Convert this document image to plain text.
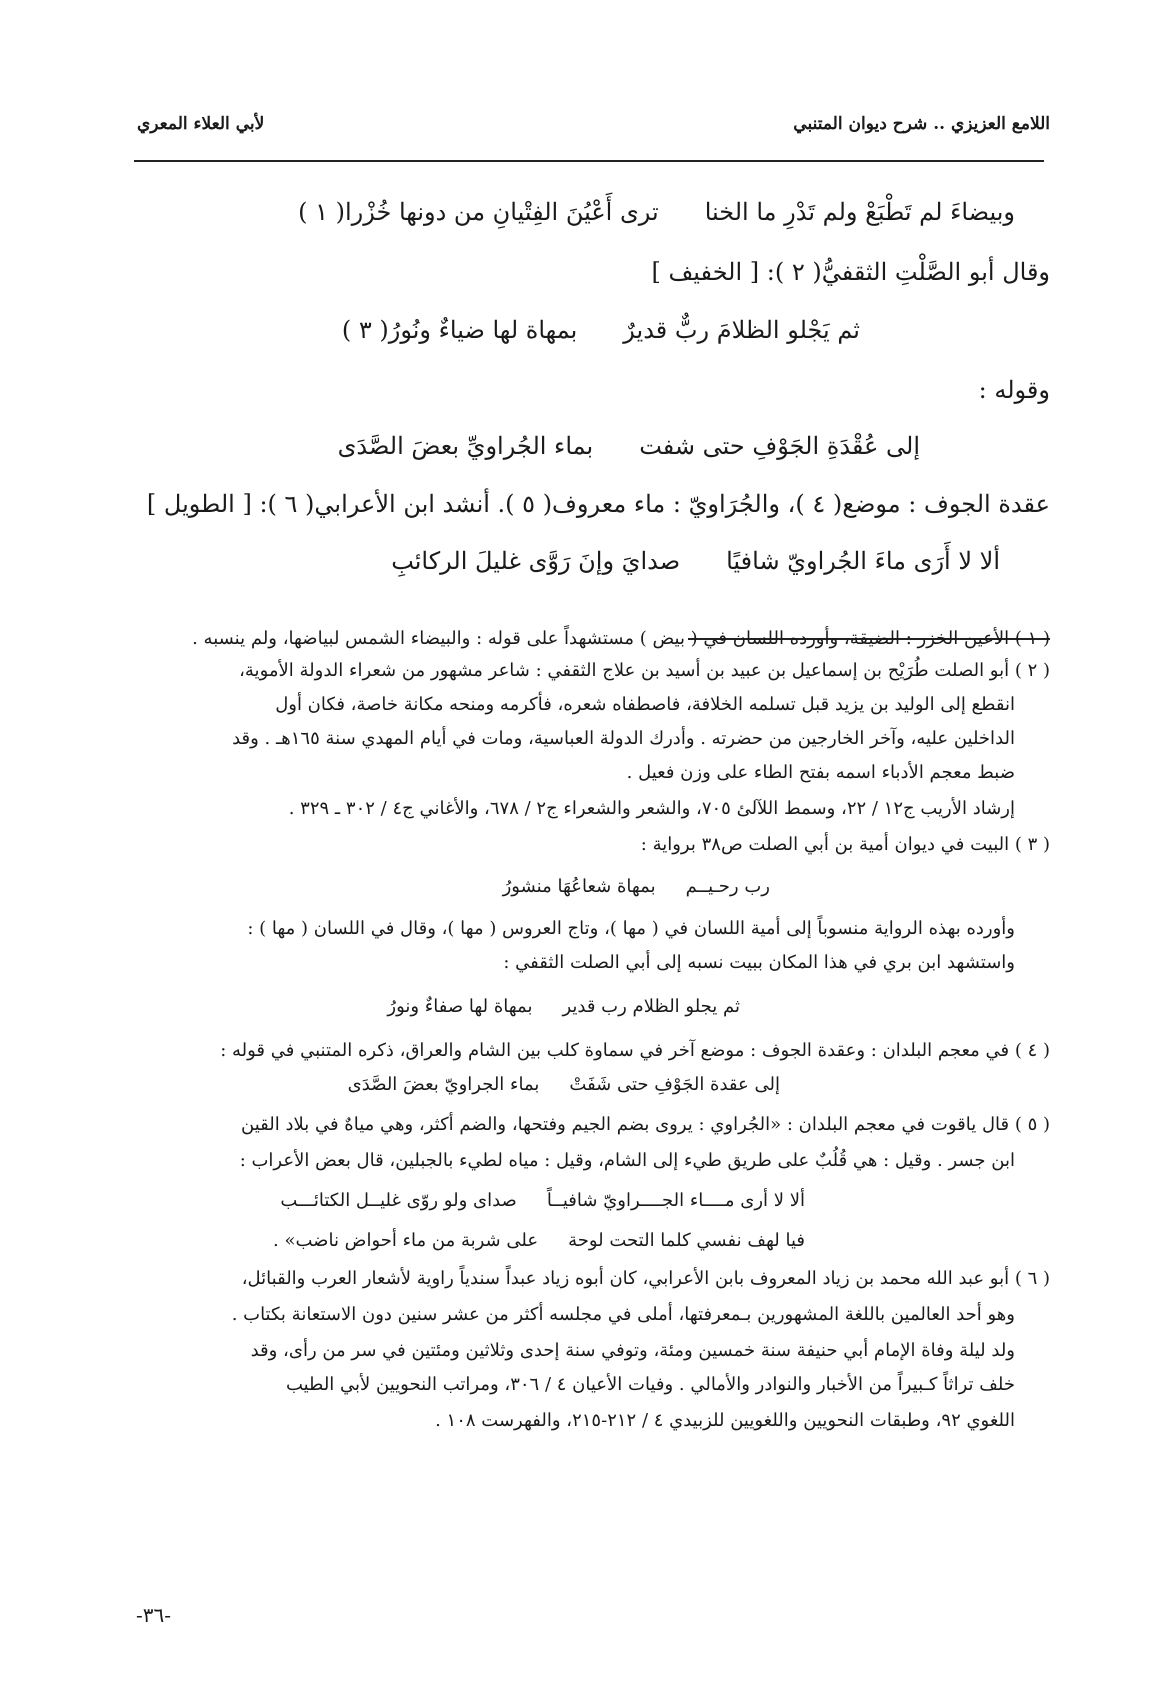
اللامع العزيزي .. شرح ديوان المتنبي
لأبي العلاء المعري
وبيضاءَ لم تَطْبَعْ ولم تَدْرِ ما الخنا
ترى أَعْيُنَ الفِتْيانِ من دونها خُزْرا( ١ )
وقال أبو الصَّلْتِ الثقفيُّ( ٢ ): [ الخفيف ]
ثم يَجْلو الظلامَ ربٌّ قديرٌ
بمهاة لها ضياءٌ ونُورُ( ٣ )
وقوله :
إلى عُقْدَةِ الجَوْفِ حتى شفت
بماء الجُراويِّ بعضَ الصَّدَى
عقدة الجوف : موضع( ٤ )، والجُرَاويّ : ماء معروف( ٥ ). أنشد ابن الأعرابي( ٦ ): [ الطويل ]
ألا لا أَرَى ماءَ الجُراويّ شافيًا
صدايَ وإنَ رَوَّى غليلَ الركائبِ
( ١ ) الأعين الخزر : الضيقة، وأورده اللسان في ( بيض ) مستشهداً على قوله : والبيضاء الشمس لبياضها، ولم ينسبه .
( ٢ ) أبو الصلت طُرَيْح بن إسماعيل بن عبيد بن أسيد بن علاج الثقفي : شاعر مشهور من شعراء الدولة الأموية،
انقطع إلى الوليد بن يزيد قبل تسلمه الخلافة، فاصطفاه شعره، فأكرمه ومنحه مكانة خاصة، فكان أول
الداخلين عليه، وآخر الخارجين من حضرته . وأدرك الدولة العباسية، ومات في أيام المهدي سنة ١٦٥هـ . وقد
ضبط معجم الأدباء اسمه بفتح الطاء على وزن فعيل .
إرشاد الأريب ج١٢ / ٢٢، وسمط اللآلئ ٧٠٥، والشعر والشعراء ج٢ / ٦٧٨، والأغاني ج٤ / ٣٠٢ ـ ٣٢٩ .
( ٣ ) البيت في ديوان أمية بن أبي الصلت ص٣٨ برواية :
رب رحـيــم
بمهاة شعاعُهَا منشورُ
وأورده بهذه الرواية منسوباً إلى أمية اللسان في ( مها )، وتاج العروس ( مها )، وقال في اللسان ( مها ) :
واستشهد ابن بري في هذا المكان ببيت نسبه إلى أبي الصلت الثقفي :
ثم يجلو الظلام رب قدير
بمهاة لها صفاءٌ ونورُ
( ٤ ) في معجم البلدان : وعقدة الجوف : موضع آخر في سماوة كلب بين الشام والعراق، ذكره المتنبي في قوله :
إلى عقدة الجَوْفِ حتى شَفَتْ
بماء الجراويّ بعضَ الصَّدَى
( ٥ ) قال ياقوت في معجم البلدان : «الجُراوي : يروى بضم الجيم وفتحها، والضم أكثر، وهي مياهٌ في بلاد القين
ابن جسر . وقيل : هي قُلُبٌ على طريق طيء إلى الشام، وقيل : مياه لطيء بالجبلين، قال بعض الأعراب :
ألا لا أرى مــــاء الجــــراويّ شافيــاً
صداى ولو روّى غليــل الكتائـــب
فيا لهف نفسي كلما التحت لوحة
على شربة من ماء أحواض ناضب» .
( ٦ ) أبو عبد الله محمد بن زياد المعروف بابن الأعرابي، كان أبوه زياد عبداً سندياً راوية لأشعار العرب والقبائل،
وهو أحد العالمين باللغة المشهورين بـمعرفتها، أملى في مجلسه أكثر من عشر سنين دون الاستعانة بكتاب .
ولد ليلة وفاة الإمام أبي حنيفة سنة خمسين ومئة، وتوفي سنة إحدى وثلاثين ومئتين في سر من رأى، وقد
خلف تراثاً كـبيراً من الأخبار والنوادر والأمالي . وفيات الأعيان ٤ / ٣٠٦، ومراتب النحويين لأبي الطيب
اللغوي ٩٢، وطبقات النحويين واللغويين للزبيدي ٤ / ٢١٢-٢١٥، والفهرست ١٠٨ .
-٣٦-
